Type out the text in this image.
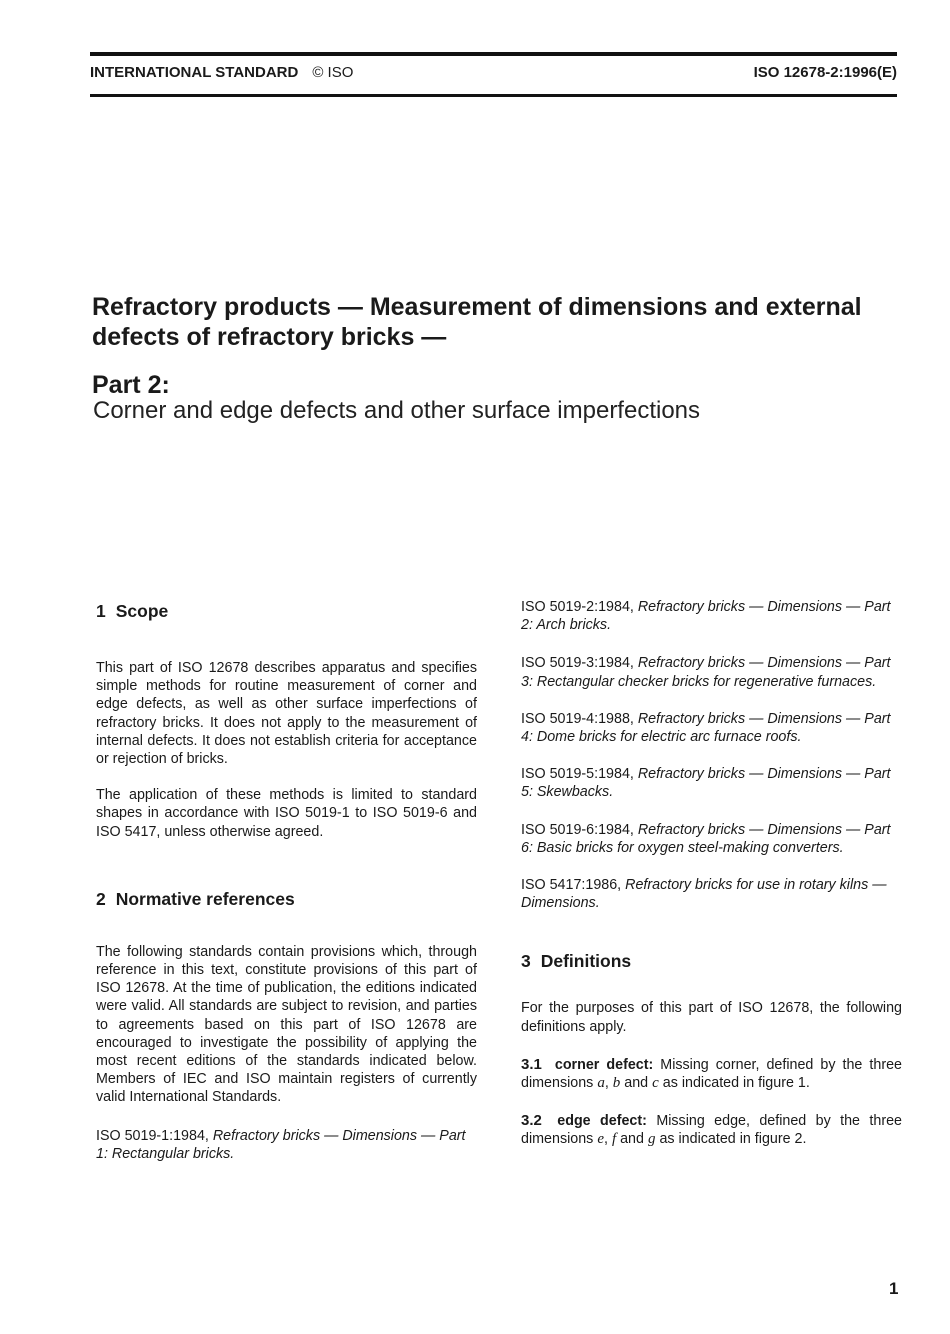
INTERNATIONAL STANDARD © ISO	ISO 12678-2:1996(E)
Refractory products — Measurement of dimensions and external defects of refractory bricks —
Part 2:
Corner and edge defects and other surface imperfections
1 Scope

This part of ISO 12678 describes apparatus and specifies simple methods for routine measurement of corner and edge defects, as well as other surface imperfections of refractory bricks. It does not apply to the measurement of internal defects. It does not establish criteria for acceptance or rejection of bricks.

The application of these methods is limited to standard shapes in accordance with ISO 5019-1 to ISO 5019-6 and ISO 5417, unless otherwise agreed.

2 Normative references

The following standards contain provisions which, through reference in this text, constitute provisions of this part of ISO 12678. At the time of publication, the editions indicated were valid. All standards are subject to revision, and parties to agreements based on this part of ISO 12678 are encouraged to investigate the possibility of applying the most recent editions of the standards indicated below. Members of IEC and ISO maintain registers of currently valid International Standards.

ISO 5019-1:1984, Refractory bricks — Dimensions — Part 1: Rectangular bricks.
ISO 5019-2:1984, Refractory bricks — Dimensions — Part 2: Arch bricks.
ISO 5019-3:1984, Refractory bricks — Dimensions — Part 3: Rectangular checker bricks for regenerative furnaces.
ISO 5019-4:1988, Refractory bricks — Dimensions — Part 4: Dome bricks for electric arc furnace roofs.
ISO 5019-5:1984, Refractory bricks — Dimensions — Part 5: Skewbacks.
ISO 5019-6:1984, Refractory bricks — Dimensions — Part 6: Basic bricks for oxygen steel-making converters.
ISO 5417:1986, Refractory bricks for use in rotary kilns — Dimensions.
3 Definitions

For the purposes of this part of ISO 12678, the following definitions apply.

3.1 corner defect: Missing corner, defined by the three dimensions a, b and c as indicated in figure 1.

3.2 edge defect: Missing edge, defined by the three dimensions e, f and g as indicated in figure 2.

1
